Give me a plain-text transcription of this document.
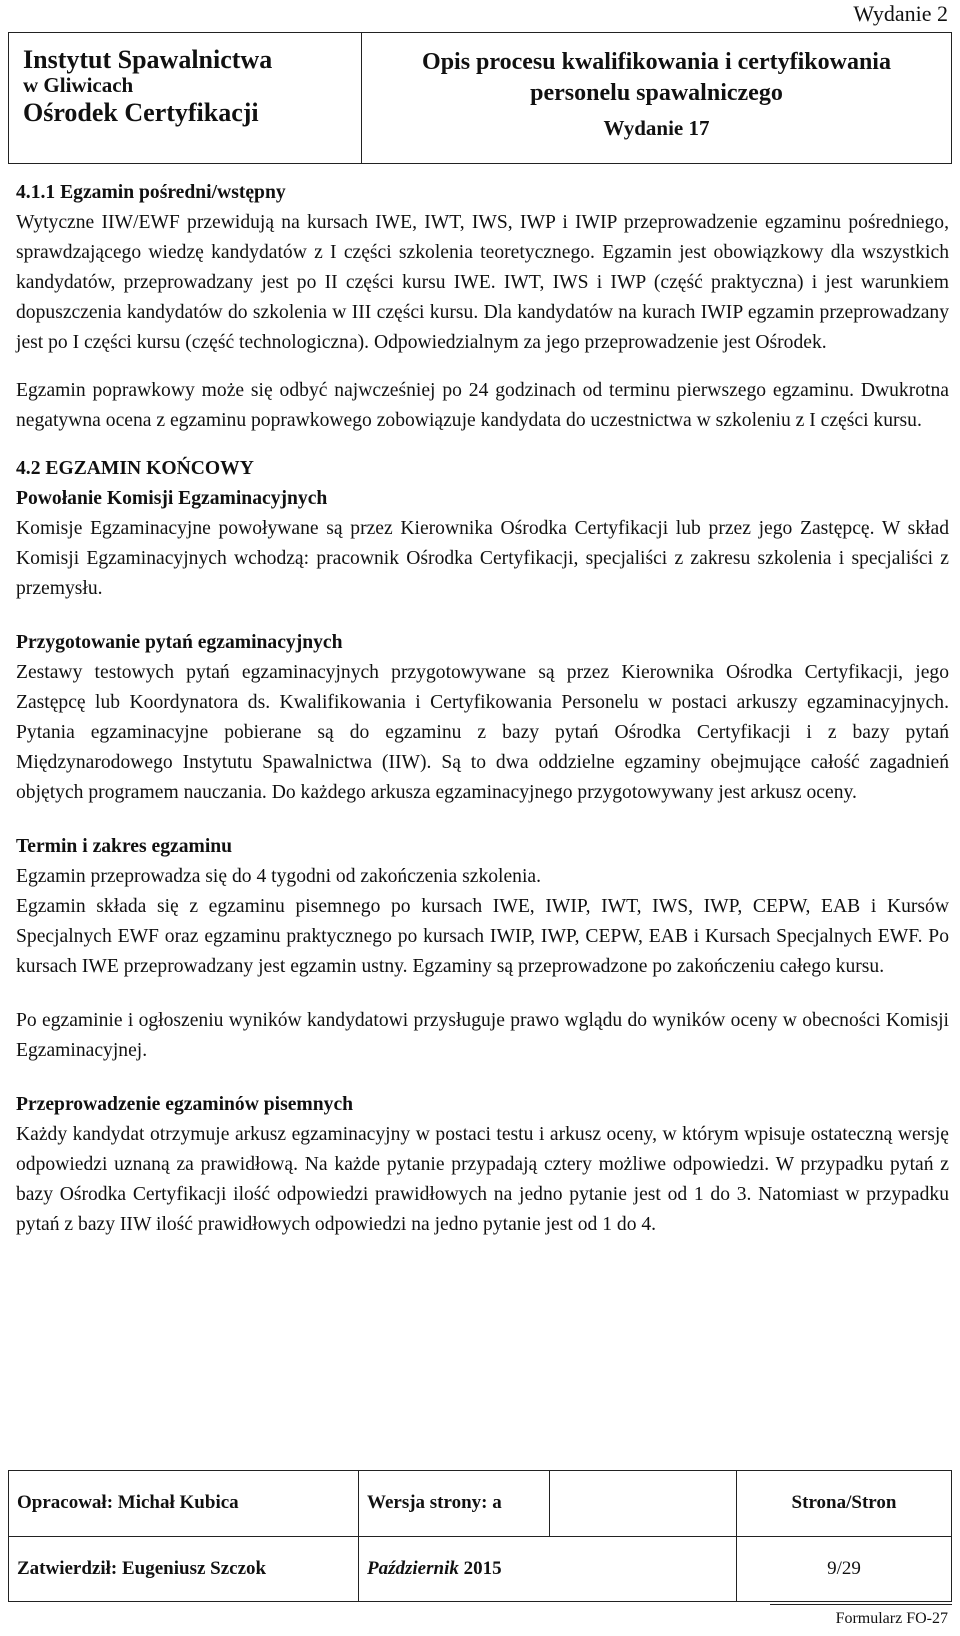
Wydanie 2
Instytut Spawalnictwa
w Gliwicach
Ośrodek Certyfikacji

Opis procesu kwalifikowania i certyfikowania
personelu spawalniczego
Wydanie 17

4.1.1 Egzamin pośredni/wstępny

Wytyczne IIW/EWF przewidują na kursach IWE, IWT, IWS, IWP i IWIP przeprowadzenie egzaminu pośredniego, sprawdzającego wiedzę kandydatów z I części szkolenia teoretycznego. Egzamin jest obowiązkowy dla wszystkich kandydatów, przeprowadzany jest po II części kursu IWE. IWT, IWS i IWP (część praktyczna) i jest warunkiem dopuszczenia kandydatów do szkolenia w III części kursu. Dla kandydatów na kurach IWIP egzamin przeprowadzany jest po I części kursu (część technologiczna). Odpowiedzialnym za jego przeprowadzenie jest Ośrodek.

Egzamin poprawkowy może się odbyć najwcześniej po 24 godzinach od terminu pierwszego egzaminu. Dwukrotna negatywna ocena z egzaminu poprawkowego zobowiązuje kandydata do uczestnictwa w szkoleniu z I części kursu.

4.2 EGZAMIN KOŃCOWY

Powołanie Komisji Egzaminacyjnych

Komisje Egzaminacyjne powoływane są przez Kierownika Ośrodka Certyfikacji lub przez jego Zastępcę. W skład Komisji Egzaminacyjnych wchodzą: pracownik Ośrodka Certyfikacji, specjaliści z zakresu szkolenia i specjaliści z przemysłu.

Przygotowanie pytań egzaminacyjnych

Zestawy testowych pytań egzaminacyjnych przygotowywane są przez Kierownika Ośrodka Certyfikacji, jego Zastępcę lub Koordynatora ds. Kwalifikowania i Certyfikowania Personelu w postaci arkuszy egzaminacyjnych. Pytania egzaminacyjne pobierane są do egzaminu z bazy pytań Ośrodka Certyfikacji i z bazy pytań Międzynarodowego Instytutu Spawalnictwa (IIW). Są to dwa oddzielne egzaminy obejmujące całość zagadnień objętych programem nauczania. Do każdego arkusza egzaminacyjnego przygotowywany jest arkusz oceny.

Termin i zakres egzaminu

Egzamin przeprowadza się do 4 tygodni od zakończenia szkolenia.

Egzamin składa się z egzaminu pisemnego po kursach IWE, IWIP, IWT, IWS, IWP, CEPW, EAB i Kursów Specjalnych EWF oraz egzaminu praktycznego po kursach IWIP, IWP, CEPW, EAB i Kursach Specjalnych EWF. Po kursach IWE przeprowadzany jest egzamin ustny. Egzaminy są przeprowadzone po zakończeniu całego kursu.

Po egzaminie i ogłoszeniu wyników kandydatowi przysługuje prawo wglądu do wyników oceny w obecności Komisji Egzaminacyjnej.

Przeprowadzenie egzaminów pisemnych

Każdy kandydat otrzymuje arkusz egzaminacyjny w postaci testu i arkusz oceny, w którym wpisuje ostateczną wersję odpowiedzi uznaną za prawidłową. Na każde pytanie przypadają cztery możliwe odpowiedzi. W przypadku pytań z bazy Ośrodka Certyfikacji ilość odpowiedzi prawidłowych na jedno pytanie jest od 1 do 3. Natomiast w przypadku pytań z bazy IIW ilość prawidłowych odpowiedzi na jedno pytanie jest od 1 do 4.

Opracował: Michał Kubica	Wersja strony: a		Strona/Stron
Zatwierdził: Eugeniusz Szczok	Październik 2015		9/29
Formularz FO-27
